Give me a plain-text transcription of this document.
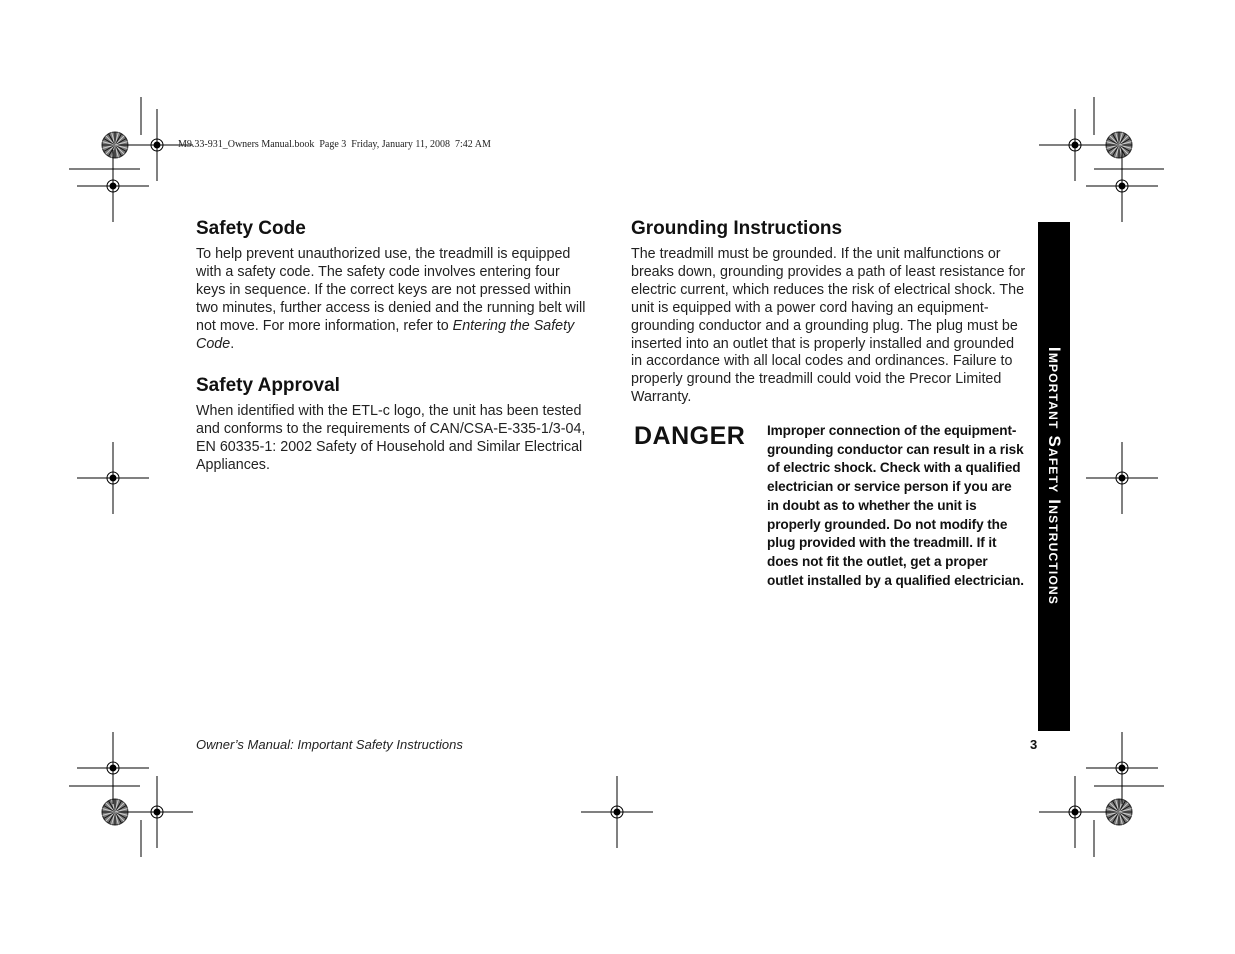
M9.33-931_Owners Manual.book  Page 3  Friday, January 11, 2008  7:42 AM
Safety Code

To help prevent unauthorized use, the treadmill is equipped with a safety code. The safety code involves entering four keys in sequence. If the correct keys are not pressed within two minutes, further access is denied and the running belt will not move. For more information, refer to Entering the Safety Code.

Safety Approval

When identified with the ETL-c logo, the unit has been tested and conforms to the requirements of CAN/CSA-E-335-1/3-04, EN 60335-1: 2002 Safety of Household and Similar Electrical Appliances.

Grounding Instructions

The treadmill must be grounded. If the unit malfunctions or breaks down, grounding provides a path of least resistance for electric current, which reduces the risk of electrical shock. The unit is equipped with a power cord having an equipment-grounding conductor and a grounding plug. The plug must be inserted into an outlet that is properly installed and grounded in accordance with all local codes and ordinances. Failure to properly ground the treadmill could void the Precor Limited Warranty.

DANGER Improper connection of the equipment-grounding conductor can result in a risk of electric shock. Check with a qualified electrician or service person if you are in doubt as to whether the unit is properly grounded. Do not modify the plug provided with the treadmill. If it does not fit the outlet, get a proper outlet installed by a qualified electrician. Important Safety Instructions
Owner’s Manual: Important Safety Instructions	3
